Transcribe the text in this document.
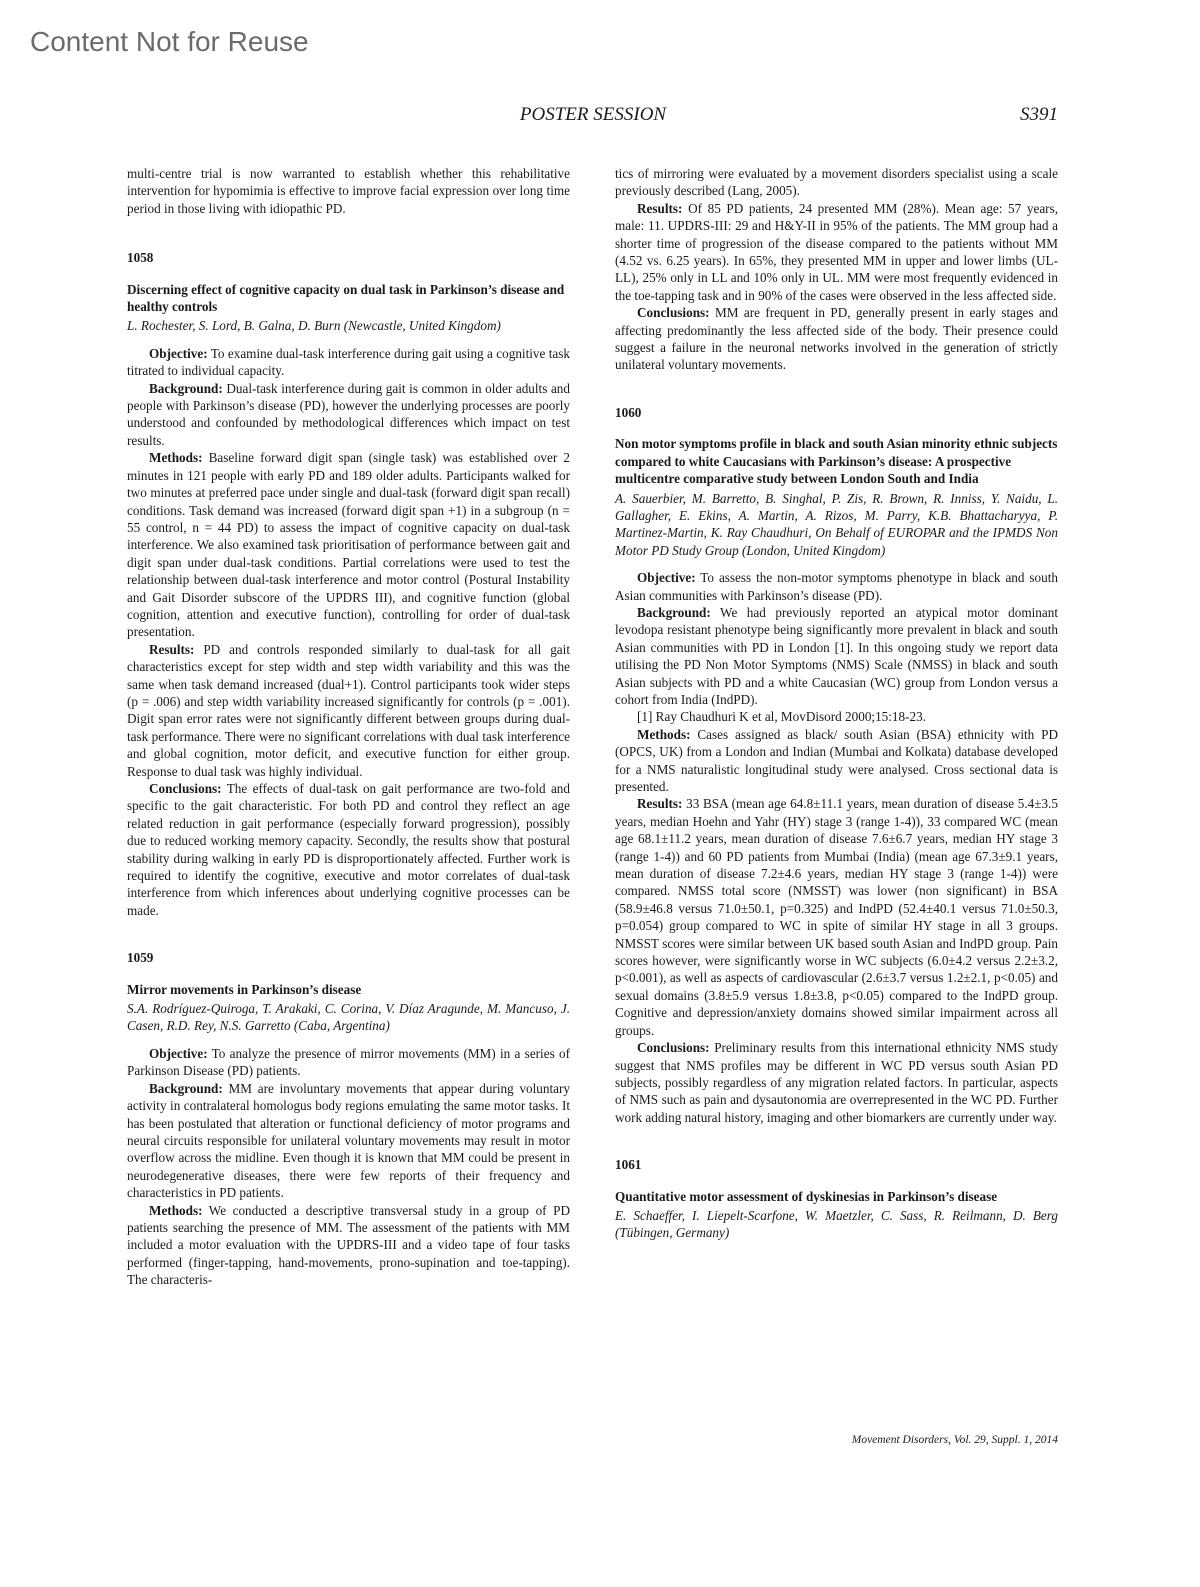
Content Not for Reuse
POSTER SESSION	S391

multi-centre trial is now warranted to establish whether this rehabilitative intervention for hypomimia is effective to improve facial expression over long time period in those living with idiopathic PD.

1058
Discerning effect of cognitive capacity on dual task in Parkinson’s disease and healthy controls
L. Rochester, S. Lord, B. Galna, D. Burn (Newcastle, United Kingdom)

Objective: To examine dual-task interference during gait using a cognitive task titrated to individual capacity.

Background: Dual-task interference during gait is common in older adults and people with Parkinson’s disease (PD), however the underlying processes are poorly understood and confounded by methodological differences which impact on test results.

Methods: Baseline forward digit span (single task) was established over 2 minutes in 121 people with early PD and 189 older adults. Participants walked for two minutes at preferred pace under single and dual-task (forward digit span recall) conditions. Task demand was increased (forward digit span +1) in a subgroup (n = 55 control, n = 44 PD) to assess the impact of cognitive capacity on dual-task interference. We also examined task prioritisation of performance between gait and digit span under dual-task conditions. Partial correlations were used to test the relationship between dual-task interference and motor control (Postural Instability and Gait Disorder subscore of the UPDRS III), and cognitive function (global cognition, attention and executive function), controlling for order of dual-task presentation.

Results: PD and controls responded similarly to dual-task for all gait characteristics except for step width and step width variability and this was the same when task demand increased (dual+1). Control participants took wider steps (p = .006) and step width variability increased significantly for controls (p = .001). Digit span error rates were not significantly different between groups during dual-task performance. There were no significant correlations with dual task interference and global cognition, motor deficit, and executive function for either group. Response to dual task was highly individual.

Conclusions: The effects of dual-task on gait performance are two-fold and specific to the gait characteristic. For both PD and control they reflect an age related reduction in gait performance (especially forward progression), possibly due to reduced working memory capacity. Secondly, the results show that postural stability during walking in early PD is disproportionately affected. Further work is required to identify the cognitive, executive and motor correlates of dual-task interference from which inferences about underlying cognitive processes can be made.

1059
Mirror movements in Parkinson’s disease
S.A. Rodríguez-Quiroga, T. Arakaki, C. Corina, V. Díaz Aragunde, M. Mancuso, J. Casen, R.D. Rey, N.S. Garretto (Caba, Argentina)

Objective: To analyze the presence of mirror movements (MM) in a series of Parkinson Disease (PD) patients.

Background: MM are involuntary movements that appear during voluntary activity in contralateral homologus body regions emulating the same motor tasks. It has been postulated that alteration or functional deficiency of motor programs and neural circuits responsible for unilateral voluntary movements may result in motor overflow across the midline. Even though it is known that MM could be present in neurodegenerative diseases, there were few reports of their frequency and characteristics in PD patients.

Methods: We conducted a descriptive transversal study in a group of PD patients searching the presence of MM. The assessment of the patients with MM included a motor evaluation with the UPDRS-III and a video tape of four tasks performed (finger-tapping, hand-movements, prono-supination and toe-tapping). The characteris-

tics of mirroring were evaluated by a movement disorders specialist using a scale previously described (Lang, 2005).

Results: Of 85 PD patients, 24 presented MM (28%). Mean age: 57 years, male: 11. UPDRS-III: 29 and H&Y-II in 95% of the patients. The MM group had a shorter time of progression of the disease compared to the patients without MM (4.52 vs. 6.25 years). In 65%, they presented MM in upper and lower limbs (UL-LL), 25% only in LL and 10% only in UL. MM were most frequently evidenced in the toe-tapping task and in 90% of the cases were observed in the less affected side.

Conclusions: MM are frequent in PD, generally present in early stages and affecting predominantly the less affected side of the body. Their presence could suggest a failure in the neuronal networks involved in the generation of strictly unilateral voluntary movements.

1060
Non motor symptoms profile in black and south Asian minority ethnic subjects compared to white Caucasians with Parkinson’s disease: A prospective multicentre comparative study between London South and India
A. Sauerbier, M. Barretto, B. Singhal, P. Zis, R. Brown, R. Inniss, Y. Naidu, L. Gallagher, E. Ekins, A. Martin, A. Rizos, M. Parry, K.B. Bhattacharyya, P. Martinez-Martin, K. Ray Chaudhuri, On Behalf of EUROPAR and the IPMDS Non Motor PD Study Group (London, United Kingdom)

Objective: To assess the non-motor symptoms phenotype in black and south Asian communities with Parkinson’s disease (PD).

Background: We had previously reported an atypical motor dominant levodopa resistant phenotype being significantly more prevalent in black and south Asian communities with PD in London [1]. In this ongoing study we report data utilising the PD Non Motor Symptoms (NMS) Scale (NMSS) in black and south Asian subjects with PD and a white Caucasian (WC) group from London versus a cohort from India (IndPD).

[1] Ray Chaudhuri K et al, MovDisord 2000;15:18-23.

Methods: Cases assigned as black/ south Asian (BSA) ethnicity with PD (OPCS, UK) from a London and Indian (Mumbai and Kolkata) database developed for a NMS naturalistic longitudinal study were analysed. Cross sectional data is presented.

Results: 33 BSA (mean age 64.8±11.1 years, mean duration of disease 5.4±3.5 years, median Hoehn and Yahr (HY) stage 3 (range 1-4)), 33 compared WC (mean age 68.1±11.2 years, mean duration of disease 7.6±6.7 years, median HY stage 3 (range 1-4)) and 60 PD patients from Mumbai (India) (mean age 67.3±9.1 years, mean duration of disease 7.2±4.6 years, median HY stage 3 (range 1-4)) were compared. NMSS total score (NMSST) was lower (non significant) in BSA (58.9±46.8 versus 71.0±50.1, p=0.325) and IndPD (52.4±40.1 versus 71.0±50.3, p=0.054) group compared to WC in spite of similar HY stage in all 3 groups. NMSST scores were similar between UK based south Asian and IndPD group. Pain scores however, were significantly worse in WC subjects (6.0±4.2 versus 2.2±3.2, p<0.001), as well as aspects of cardiovascular (2.6±3.7 versus 1.2±2.1, p<0.05) and sexual domains (3.8±5.9 versus 1.8±3.8, p<0.05) compared to the IndPD group. Cognitive and depression/anxiety domains showed similar impairment across all groups.

Conclusions: Preliminary results from this international ethnicity NMS study suggest that NMS profiles may be different in WC PD versus south Asian PD subjects, possibly regardless of any migration related factors. In particular, aspects of NMS such as pain and dysautonomia are overrepresented in the WC PD. Further work adding natural history, imaging and other biomarkers are currently under way.

1061
Quantitative motor assessment of dyskinesias in Parkinson’s disease
E. Schaeffer, I. Liepelt-Scarfone, W. Maetzler, C. Sass, R. Reilmann, D. Berg (Tübingen, Germany)
Movement Disorders, Vol. 29, Suppl. 1, 2014
